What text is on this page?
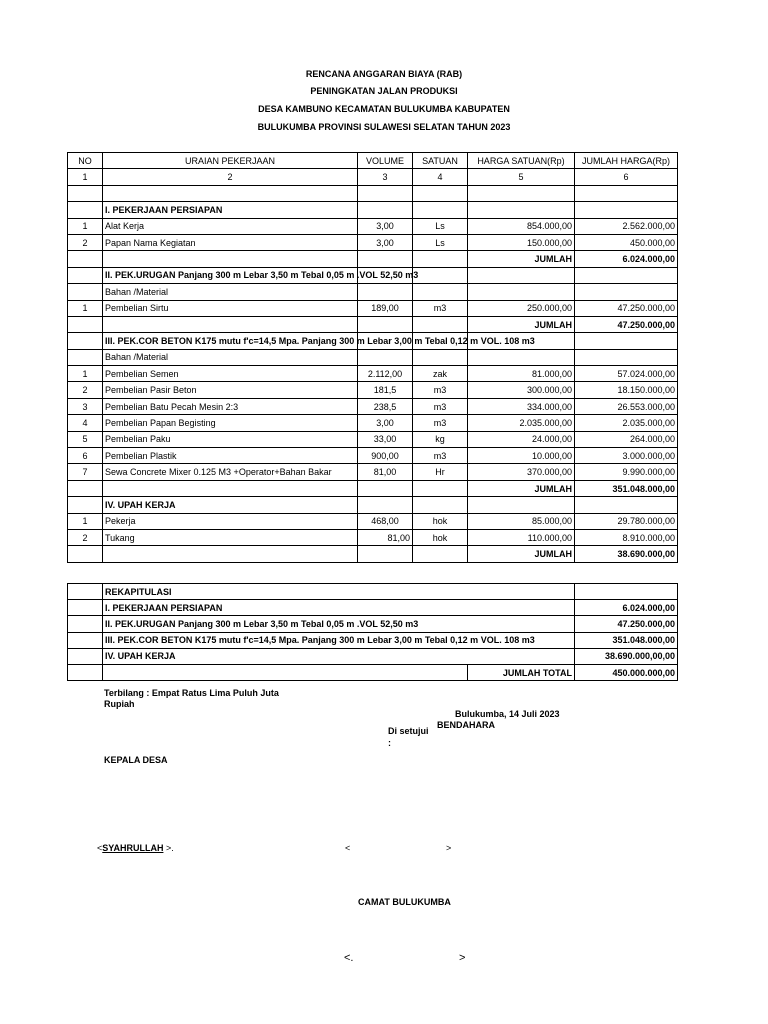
RENCANA ANGGARAN BIAYA (RAB)
PENINGKATAN JALAN PRODUKSI
DESA KAMBUNO KECAMATAN BULUKUMBA KABUPATEN
BULUKUMBA PROVINSI SULAWESI SELATAN TAHUN 2023
NO	URAIAN PEKERJAAN	VOLUME	SATUAN	HARGA SATUAN(Rp)	JUMLAH HARGA(Rp)
1	2	3	4	5	6

	I. PEKERJAAN PERSIAPAN				
1	Alat Kerja	3,00	Ls	854.000,00	2.562.000,00
2	Papan Nama Kegiatan	3,00	Ls	150.000,00	450.000,00
				JUMLAH	6.024.000,00
	II. PEK.URUGAN Panjang 300 m Lebar 3,50 m Tebal 0,05 m .VOL 52,50 m3				
	Bahan /Material				
1	Pembelian Sirtu	189,00	m3	250.000,00	47.250.000,00
				JUMLAH	47.250.000,00
	III. PEK.COR BETON K175 mutu f'c=14,5 Mpa. Panjang 300 m Lebar 3,00 m Tebal 0,12 m VOL. 108 m3				
	Bahan /Material				
1	Pembelian Semen	2.112,00	zak	81.000,00	57.024.000,00
2	Pembelian Pasir Beton	181,5	m3	300.000,00	18.150.000,00
3	Pembelian Batu Pecah Mesin 2:3	238,5	m3	334.000,00	26.553.000,00
4	Pembelian Papan Begisting	3,00	m3	2.035.000,00	2.035.000,00
5	Pembelian Paku	33,00	kg	24.000,00	264.000,00
6	Pembelian Plastik	900,00	m3	10.000,00	3.000.000,00
7	Sewa Concrete Mixer 0.125 M3 +Operator+Bahan Bakar	81,00	Hr	370.000,00	9.990.000,00
				JUMLAH	351.048.000,00
	IV. UPAH KERJA				
1	Pekerja	468,00	hok	85.000,00	29.780.000,00
2	Tukang	81,00	hok	110.000,00	8.910.000,00
				JUMLAH	38.690.000,00
	REKAPITULASI		
	I. PEKERJAAN PERSIAPAN		6.024.000,00
	II. PEK.URUGAN Panjang 300 m Lebar 3,50 m Tebal 0,05 m .VOL 52,50 m3		47.250.000,00
	III. PEK.COR BETON K175 mutu f'c=14,5 Mpa. Panjang 300 m Lebar 3,00 m Tebal 0,12 m VOL. 108 m3		351.048.000,00
	IV. UPAH KERJA		38.690.000,00,00
		JUMLAH TOTAL	450.000.000,00
Terbilang : Empat Ratus Lima Puluh Juta
Rupiah
Bulukumba, 14 Juli 2023
BENDAHARA
Di setujui
:
KEPALA DESA
<SYAHRULLAH >.	<	>
CAMAT BULUKUMBA
<.	>
